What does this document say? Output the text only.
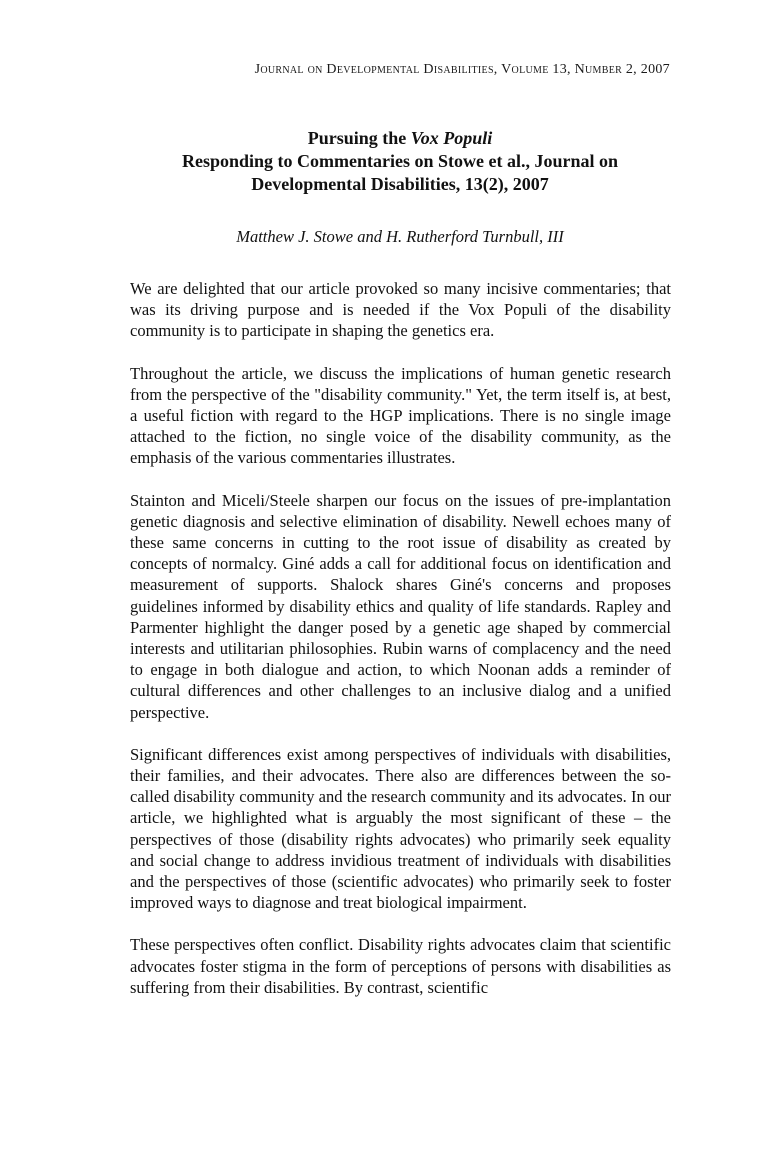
Journal on Developmental Disabilities, Volume 13, Number 2, 2007
Pursuing the Vox Populi
Responding to Commentaries on Stowe et al., Journal on
Developmental Disabilities, 13(2), 2007
Matthew J. Stowe and H. Rutherford Turnbull, III

We are delighted that our article provoked so many incisive commentaries; that was its driving purpose and is needed if the Vox Populi of the disability community is to participate in shaping the genetics era.

Throughout the article, we discuss the implications of human genetic research from the perspective of the "disability community." Yet, the term itself is, at best, a useful fiction with regard to the HGP implications. There is no single image attached to the fiction, no single voice of the disability community, as the emphasis of the various commentaries illustrates.

Stainton and Miceli/Steele sharpen our focus on the issues of pre-implantation genetic diagnosis and selective elimination of disability. Newell echoes many of these same concerns in cutting to the root issue of disability as created by concepts of normalcy. Giné adds a call for additional focus on identification and measurement of supports. Shalock shares Giné's concerns and proposes guidelines informed by disability ethics and quality of life standards. Rapley and Parmenter highlight the danger posed by a genetic age shaped by commercial interests and utilitarian philosophies. Rubin warns of complacency and the need to engage in both dialogue and action, to which Noonan adds a reminder of cultural differences and other challenges to an inclusive dialog and a unified perspective.

Significant differences exist among perspectives of individuals with disabilities, their families, and their advocates. There also are differences between the so-called disability community and the research community and its advocates. In our article, we highlighted what is arguably the most significant of these – the perspectives of those (disability rights advocates) who primarily seek equality and social change to address invidious treatment of individuals with disabilities and the perspectives of those (scientific advocates) who primarily seek to foster improved ways to diagnose and treat biological impairment.

These perspectives often conflict. Disability rights advocates claim that scientific advocates foster stigma in the form of perceptions of persons with disabilities as suffering from their disabilities. By contrast, scientific
